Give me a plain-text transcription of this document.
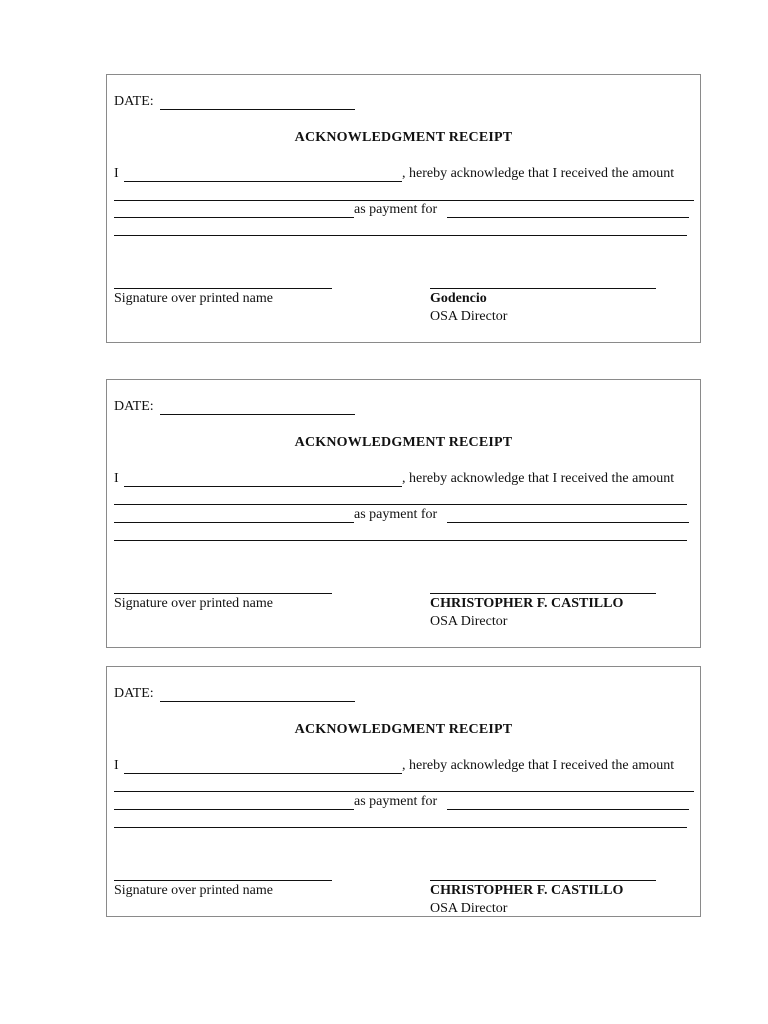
DATE:
ACKNOWLEDGMENT RECEIPT
I	, hereby acknowledge that I received the amount
as payment for
Signature over printed name	Godencio
OSA Director
DATE:
ACKNOWLEDGMENT RECEIPT
I	, hereby acknowledge that I received the amount
as payment for
Signature over printed name	CHRISTOPHER F. CASTILLO
OSA Director
DATE:
ACKNOWLEDGMENT RECEIPT
I	, hereby acknowledge that I received the amount
as payment for
Signature over printed name	CHRISTOPHER F. CASTILLO
OSA Director
